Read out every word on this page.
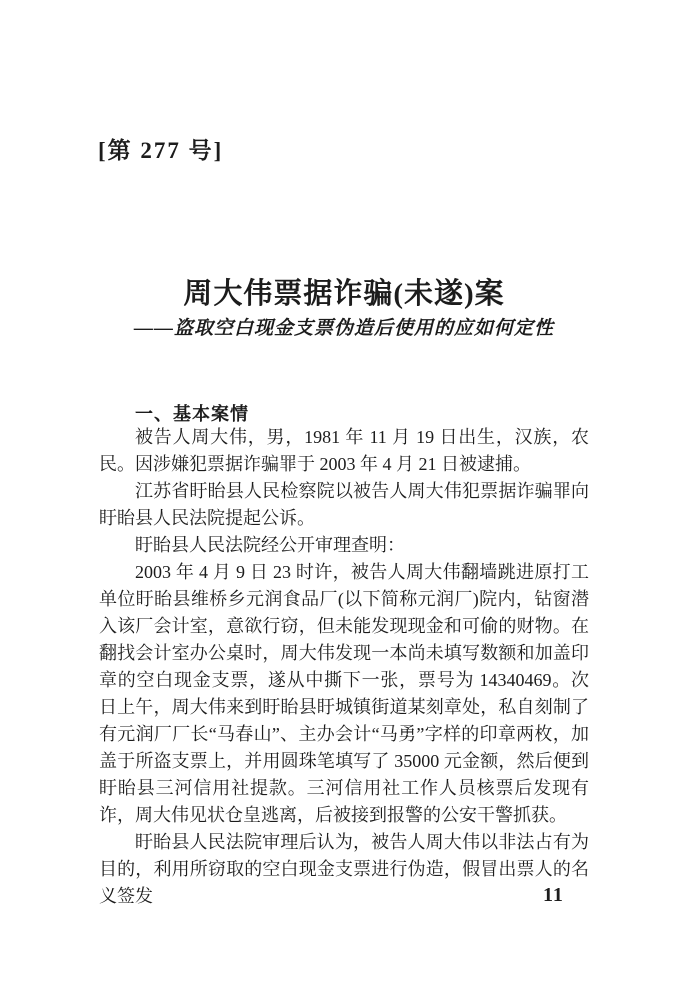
[第 277 号]
周大伟票据诈骗(未遂)案
——盗取空白现金支票伪造后使用的应如何定性
一、基本案情

被告人周大伟，男，1981 年 11 月 19 日出生，汉族，农民。因涉嫌犯票据诈骗罪于 2003 年 4 月 21 日被逮捕。

江苏省盱眙县人民检察院以被告人周大伟犯票据诈骗罪向盱眙县人民法院提起公诉。

盱眙县人民法院经公开审理查明：

2003 年 4 月 9 日 23 时许，被告人周大伟翻墙跳进原打工单位盱眙县维桥乡元润食品厂(以下简称元润厂)院内，钻窗潜入该厂会计室，意欲行窃，但未能发现现金和可偷的财物。在翻找会计室办公桌时，周大伟发现一本尚未填写数额和加盖印章的空白现金支票，遂从中撕下一张，票号为 14340469。次日上午，周大伟来到盱眙县盱城镇街道某刻章处，私自刻制了有元润厂厂长“马春山”、主办会计“马勇”字样的印章两枚，加盖于所盗支票上，并用圆珠笔填写了 35000 元金额，然后便到盱眙县三河信用社提款。三河信用社工作人员核票后发现有诈，周大伟见状仓皇逃离，后被接到报警的公安干警抓获。

盱眙县人民法院审理后认为，被告人周大伟以非法占有为目的，利用所窃取的空白现金支票进行伪造，假冒出票人的名义签发	11
